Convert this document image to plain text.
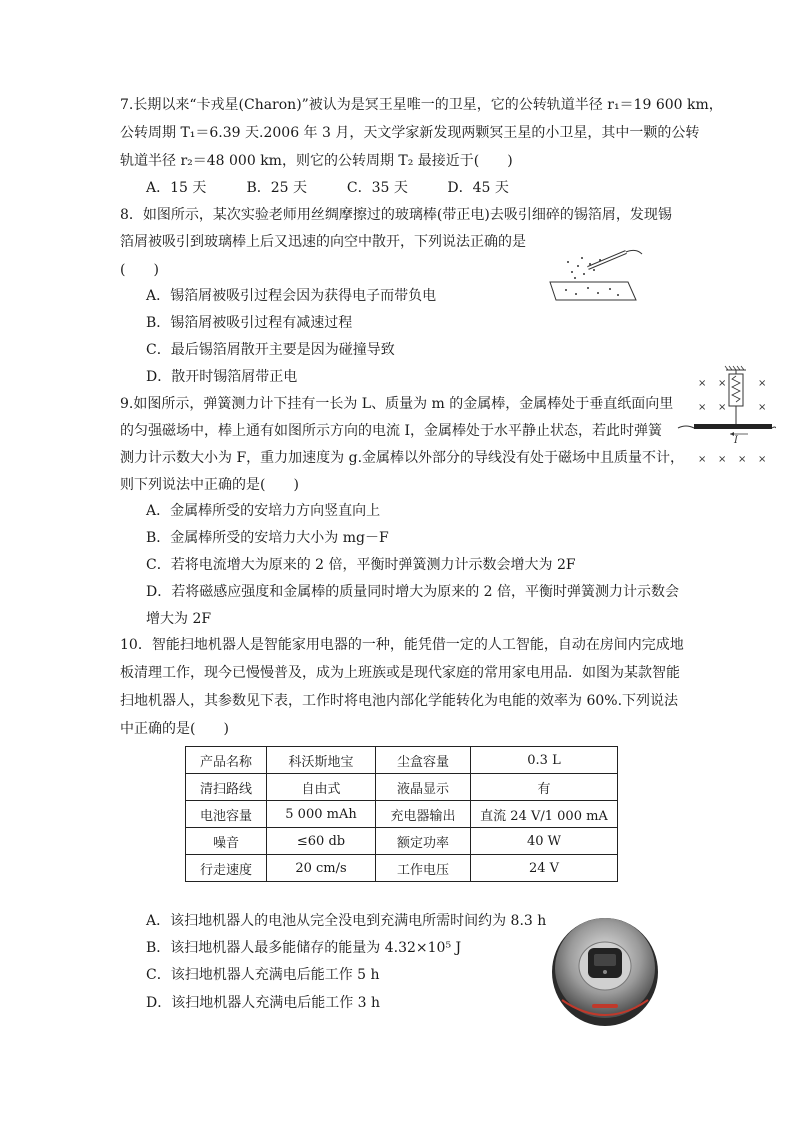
7.长期以来“卡戎星(Charon)”被认为是冥王星唯一的卫星，它的公转轨道半径 r₁＝19 600 km，
公转周期 T₁＝6.39 天.2006 年 3 月，天文学家新发现两颗冥王星的小卫星，其中一颗的公转
轨道半径 r₂＝48 000 km，则它的公转周期 T₂ 最接近于(　　)
A．15 天	B．25 天	C．35 天	D．45 天
8．如图所示，某次实验老师用丝绸摩擦过的玻璃棒(带正电)去吸引细碎的锡箔屑，发现锡
箔屑被吸引到玻璃棒上后又迅速的向空中散开，下列说法正确的是
(　　)
A．锡箔屑被吸引过程会因为获得电子而带负电
B．锡箔屑被吸引过程有减速过程
C．最后锡箔屑散开主要是因为碰撞导致
D．散开时锡箔屑带正电
9.如图所示，弹簧测力计下挂有一长为 L、质量为 m 的金属棒，金属棒处于垂直纸面向里
的匀强磁场中，棒上通有如图所示方向的电流 I，金属棒处于水平静止状态，若此时弹簧
测力计示数大小为 F，重力加速度为 g.金属棒以外部分的导线没有处于磁场中且质量不计，
则下列说法中正确的是(　　)
A．金属棒所受的安培力方向竖直向上
B．金属棒所受的安培力大小为 mg－F
C．若将电流增大为原来的 2 倍，平衡时弹簧测力计示数会增大为 2F
D．若将磁感应强度和金属棒的质量同时增大为原来的 2 倍，平衡时弹簧测力计示数会
增大为 2F
× ×	×
× ×	×
× × × ×
I
10．智能扫地机器人是智能家用电器的一种，能凭借一定的人工智能，自动在房间内完成地
板清理工作，现今已慢慢普及，成为上班族或是现代家庭的常用家电用品．如图为某款智能
扫地机器人，其参数见下表，工作时将电池内部化学能转化为电能的效率为 60%.下列说法
中正确的是(　　)
产品名称	科沃斯地宝	尘盒容量	0.3 L
清扫路线	自由式	液晶显示	有
电池容量	5 000 mAh	充电器输出	直流 24 V/1 000 mA
噪音	≤60 db	额定功率	40 W
行走速度	20 cm/s	工作电压	24 V
A．该扫地机器人的电池从完全没电到充满电所需时间约为 8.3 h
B．该扫地机器人最多能储存的能量为 4.32×10⁵ J
C．该扫地机器人充满电后能工作 5 h
D．该扫地机器人充满电后能工作 3 h
